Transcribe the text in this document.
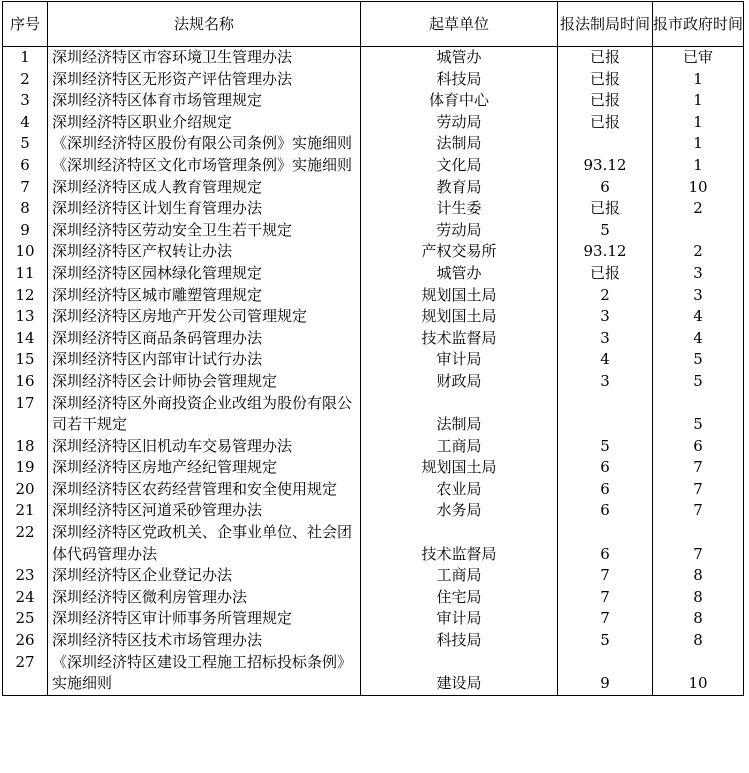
序号	法规名称	起草单位	报法制局时间	报市政府时间
1	深圳经济特区市容环境卫生管理办法	城管办	已报	已审
2	深圳经济特区无形资产评估管理办法	科技局	已报	1
3	深圳经济特区体育市场管理规定	体育中心	已报	1
4	深圳经济特区职业介绍规定	劳动局	已报	1
5	《深圳经济特区股份有限公司条例》实施细则	法制局		1
6	《深圳经济特区文化市场管理条例》实施细则	文化局	93.12	1
7	深圳经济特区成人教育管理规定	教育局	6	10
8	深圳经济特区计划生育管理办法	计生委	已报	2
9	深圳经济特区劳动安全卫生若干规定	劳动局	5	
10	深圳经济特区产权转让办法	产权交易所	93.12	2
11	深圳经济特区园林绿化管理规定	城管办	已报	3
12	深圳经济特区城市雕塑管理规定	规划国土局	2	3
13	深圳经济特区房地产开发公司管理规定	规划国土局	3	4
14	深圳经济特区商品条码管理办法	技术监督局	3	4
15	深圳经济特区内部审计试行办法	审计局	4	5
16	深圳经济特区会计师协会管理规定	财政局	3	5
17	深圳经济特区外商投资企业改组为股份有限公司若干规定	法制局		5
18	深圳经济特区旧机动车交易管理办法	工商局	5	6
19	深圳经济特区房地产经纪管理规定	规划国土局	6	7
20	深圳经济特区农药经营管理和安全使用规定	农业局	6	7
21	深圳经济特区河道采砂管理办法	水务局	6	7
22	深圳经济特区党政机关、企事业单位、社会团体代码管理办法	技术监督局	6	7
23	深圳经济特区企业登记办法	工商局	7	8
24	深圳经济特区微利房管理办法	住宅局	7	8
25	深圳经济特区审计师事务所管理规定	审计局	7	8
26	深圳经济特区技术市场管理办法	科技局	5	8
27	《深圳经济特区建设工程施工招标投标条例》实施细则	建设局	9	10
